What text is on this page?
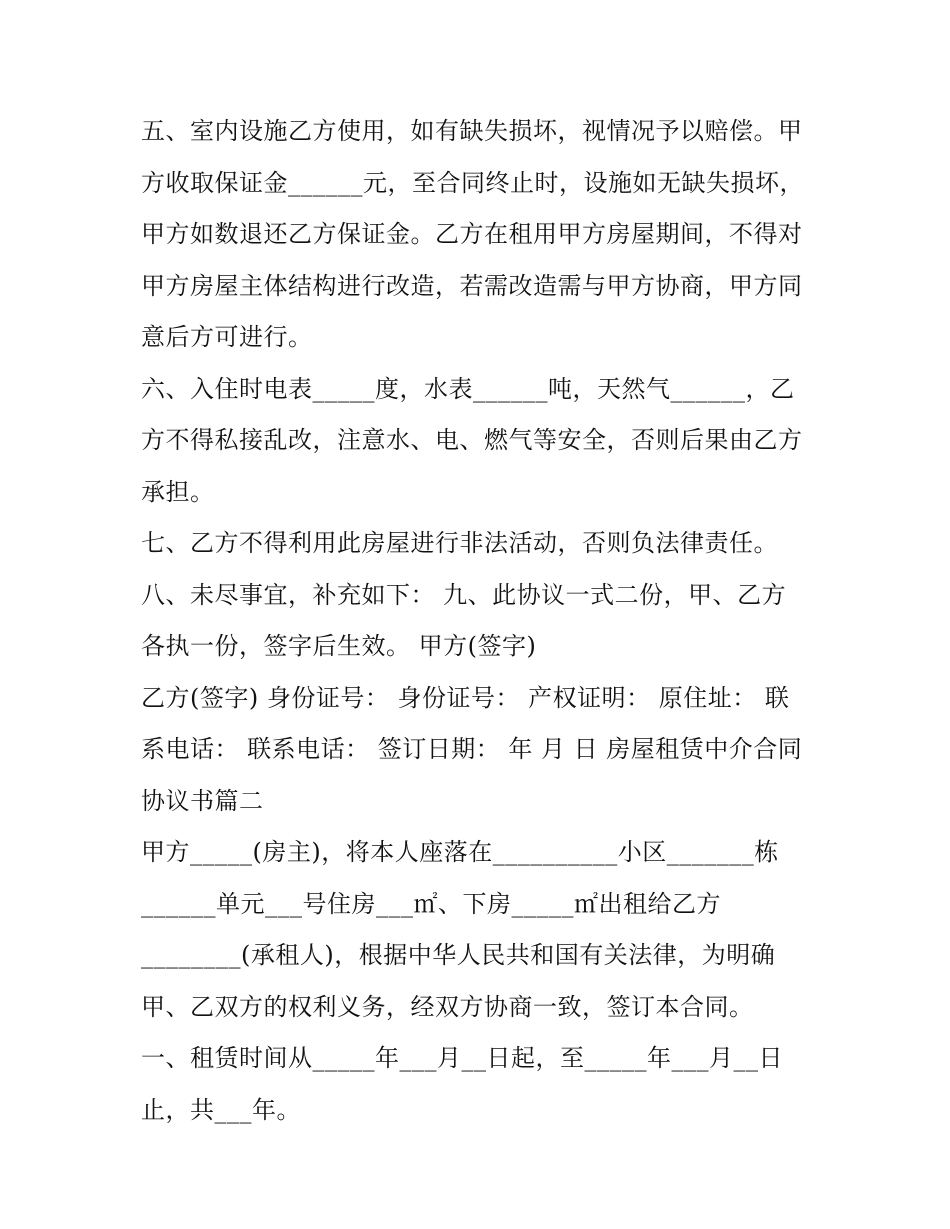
五、室内设施乙方使用，如有缺失损坏，视情况予以赔偿。甲
方收取保证金______元，至合同终止时，设施如无缺失损坏，
甲方如数退还乙方保证金。乙方在租用甲方房屋期间，不得对
甲方房屋主体结构进行改造，若需改造需与甲方协商，甲方同
意后方可进行。
六、入住时电表_____度，水表______吨，天然气______，乙
方不得私接乱改，注意水、电、燃气等安全，否则后果由乙方
承担。
七、乙方不得利用此房屋进行非法活动，否则负法律责任。
八、未尽事宜，补充如下： 九、此协议一式二份，甲、乙方
各执一份，签字后生效。 甲方(签字)
乙方(签字) 身份证号： 身份证号： 产权证明： 原住址： 联
系电话： 联系电话： 签订日期： 年 月 日 房屋租赁中介合同
协议书篇二
甲方_____(房主)，将本人座落在__________小区_______栋
______单元___号住房___㎡、下房_____㎡出租给乙方
________(承租人)，根据中华人民共和国有关法律，为明确
甲、乙双方的权利义务，经双方协商一致，签订本合同。
一、租赁时间从_____年___月__日起，至_____年___月__日
止，共___年。
